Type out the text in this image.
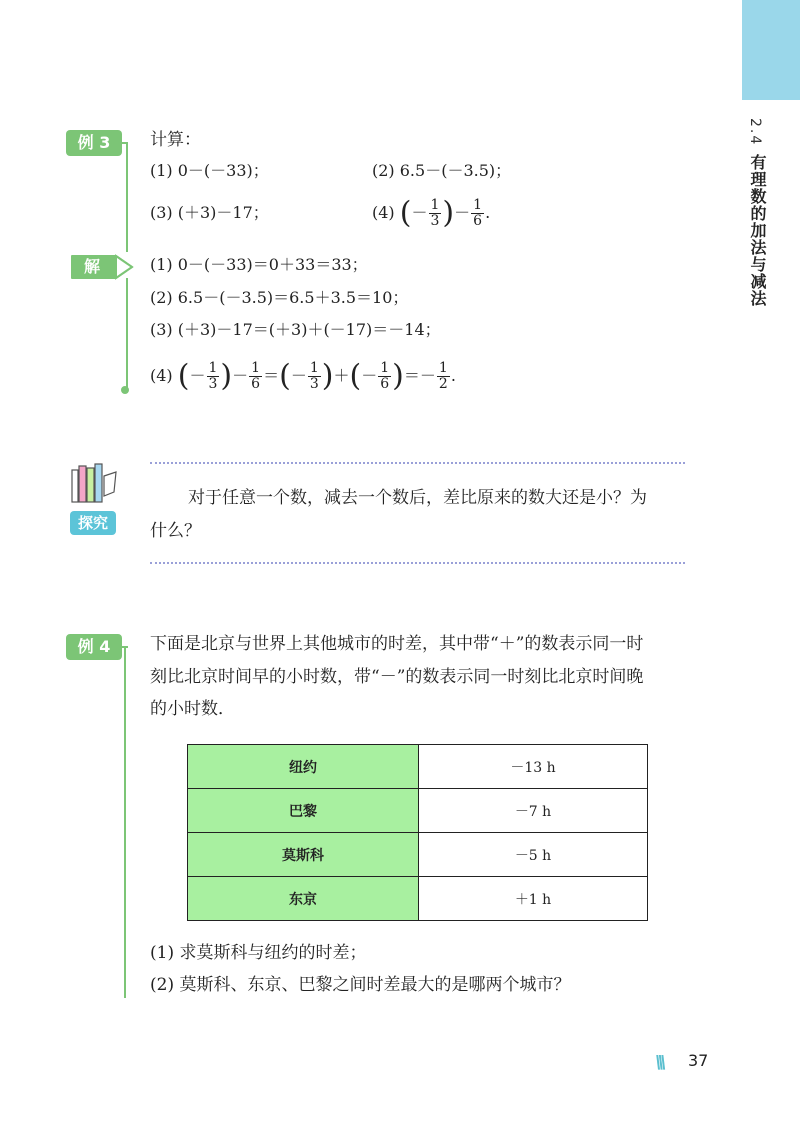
2.4
有理数的加法与减法
例 3	计算：
(1) 0－(－33)；	(2) 6.5－(－3.5)；
(3) (＋3)－17；	(4) (－ $\frac{1}{3}$ )－ $\frac{1}{6}$ .
解	(1) 0－(－33)＝0＋33＝33；
(2) 6.5－(－3.5)＝6.5＋3.5＝10；
(3) (＋3)－17＝(＋3)＋(－17)＝－14；
(4) (－ $\frac{1}{3}$ )－ $\frac{1}{6}$ ＝(－ $\frac{1}{3}$ )＋(－ $\frac{1}{6}$ )＝－ $\frac{1}{2}$ .
探究
对于任意一个数，减去一个数后，差比原来的数大还是小？为
什么？
例 4	下面是北京与世界上其他城市的时差，其中带“＋”的数表示同一时
刻比北京时间早的小时数，带“－”的数表示同一时刻比北京时间晚
的小时数．
纽约	－13 h
巴黎	－7 h
莫斯科	－5 h
东京	＋1 h
(1) 求莫斯科与纽约的时差；
(2) 莫斯科、东京、巴黎之间时差最大的是哪两个城市？
\\\ 37
